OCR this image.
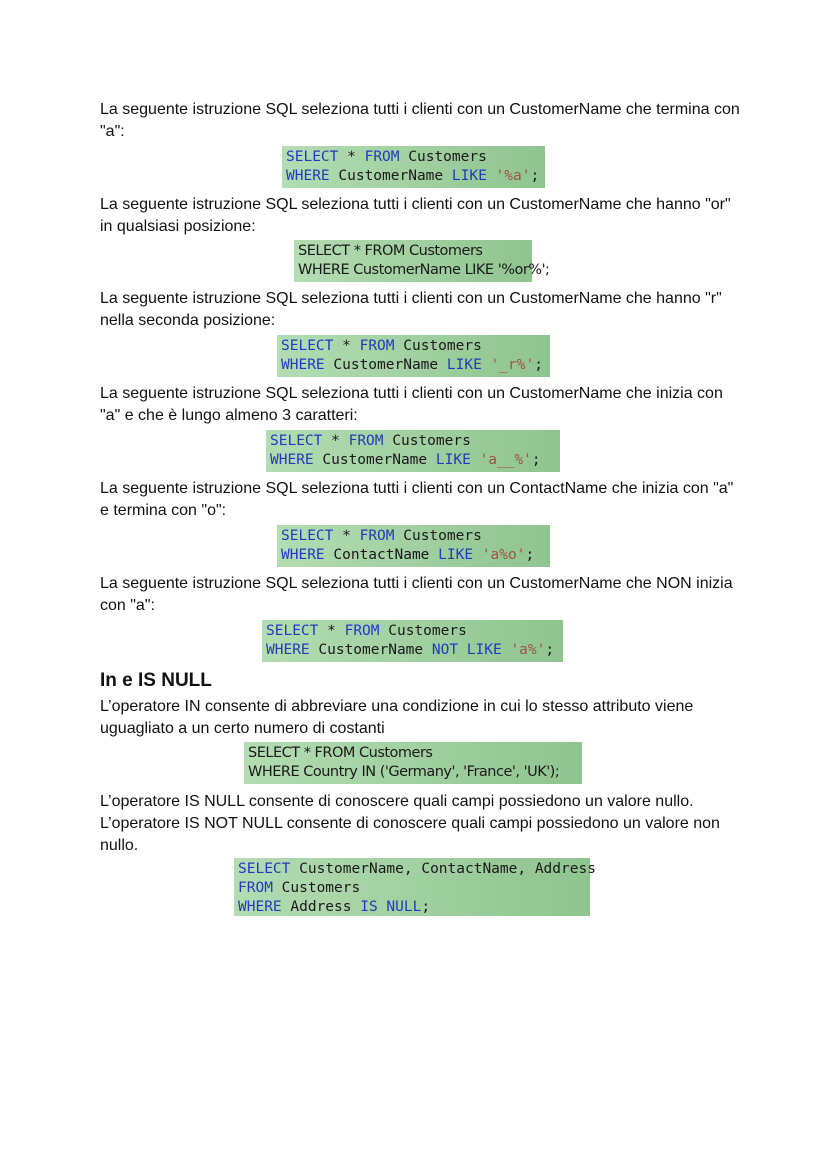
La seguente istruzione SQL seleziona tutti i clienti con un CustomerName che termina con "a":
SELECT * FROM Customers
WHERE CustomerName LIKE '%a';
La seguente istruzione SQL seleziona tutti i clienti con un CustomerName che hanno "or" in qualsiasi posizione:
SELECT * FROM Customers
WHERE CustomerName LIKE '%or%';
La seguente istruzione SQL seleziona tutti i clienti con un CustomerName che hanno "r" nella seconda posizione:
SELECT * FROM Customers
WHERE CustomerName LIKE '_r%';
La seguente istruzione SQL seleziona tutti i clienti con un CustomerName che inizia con "a" e che è lungo almeno 3 caratteri:
SELECT * FROM Customers
WHERE CustomerName LIKE 'a__%';
La seguente istruzione SQL seleziona tutti i clienti con un ContactName che inizia con "a" e termina con "o":
SELECT * FROM Customers
WHERE ContactName LIKE 'a%o';
La seguente istruzione SQL seleziona tutti i clienti con un CustomerName che NON inizia con "a":
SELECT * FROM Customers
WHERE CustomerName NOT LIKE 'a%';
In e IS NULL
L’operatore IN consente di abbreviare una condizione in cui lo stesso attributo viene uguagliato a un certo numero di costanti
SELECT * FROM Customers
WHERE Country IN ('Germany', 'France', 'UK');
L’operatore IS NULL consente di conoscere quali campi possiedono un valore nullo. L’operatore IS NOT NULL consente di conoscere quali campi possiedono un valore non nullo.
SELECT CustomerName, ContactName, Address
FROM Customers
WHERE Address IS NULL;
